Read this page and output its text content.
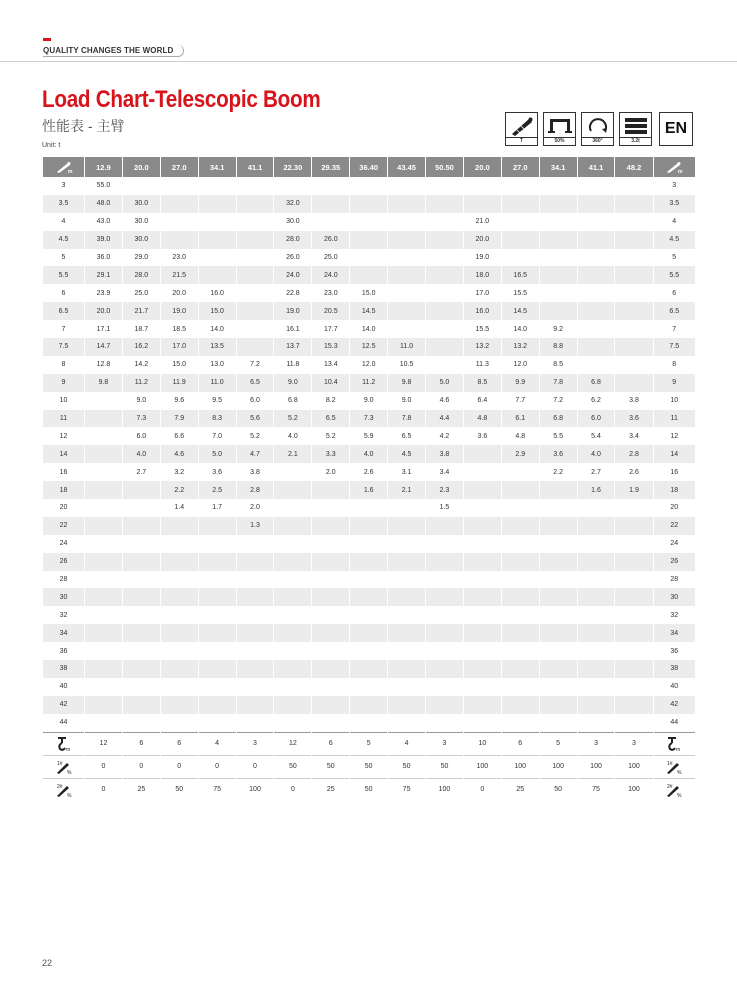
QUALITY CHANGES THE WORLD
Load Chart-Telescopic Boom
性能表 - 主臂
Unit: t
T	50%	360°	3.2t
EN
m	12.9	20.0	27.0	34.1	41.1	22.30	29.35	36.40	43.45	50.50	20.0	27.0	34.1	41.1	48.2	m

3	55.0															3
3.5	48.0	30.0				32.0										3.5
4	43.0	30.0				30.0					21.0					4
4.5	39.0	30.0				28.0	26.0				20.0					4.5
5	36.0	29.0	23.0			26.0	25.0				19.0					5
5.5	29.1	28.0	21.5			24.0	24.0				18.0	16.5				5.5
6	23.9	25.0	20.0	16.0		22.8	23.0	15.0			17.0	15.5				6
6.5	20.0	21.7	19.0	15.0		19.0	20.5	14.5			16.0	14.5				6.5
7	17.1	18.7	18.5	14.0		16.1	17.7	14.0			15.5	14.0	9.2			7
7.5	14.7	16.2	17.0	13.5		13.7	15.3	12.5	11.0		13.2	13.2	8.8			7.5
8	12.8	14.2	15.0	13.0	7.2	11.8	13.4	12.0	10.5		11.3	12.0	8.5			8
9	9.8	11.2	11.9	11.0	6.5	9.0	10.4	11.2	9.8	5.0	8.5	9.9	7.8	6.8		9
10		9.0	9.6	9.5	6.0	6.8	8.2	9.0	9.0	4.6	6.4	7.7	7.2	6.2	3.8	10
11		7.3	7.9	8.3	5.6	5.2	6.5	7.3	7.8	4.4	4.8	6.1	6.8	6.0	3.6	11
12		6.0	6.6	7.0	5.2	4.0	5.2	5.9	6.5	4.2	3.6	4.8	5.5	5.4	3.4	12
14		4.0	4.6	5.0	4.7	2.1	3.3	4.0	4.5	3.8		2.9	3.6	4.0	2.8	14
16		2.7	3.2	3.6	3.8		2.0	2.6	3.1	3.4			2.2	2.7	2.6	16
18			2.2	2.5	2.8			1.6	2.1	2.3				1.6	1.9	18
20			1.4	1.7	2.0					1.5						20
22					1.3											22
24																24
26																26
28																28
30																30
32																32
34																34
36																36
38																38
40																40
42																42
44																44

m	12	6	6	4	3	12	6	5	4	3	10	6	5	3	3	m

1#
%	0	0	0	0	0	50	50	50	50	50	100	100	100	100	100	1#
%

2#
%	0	25	50	75	100	0	25	50	75	100	0	25	50	75	100	2#
%
22
